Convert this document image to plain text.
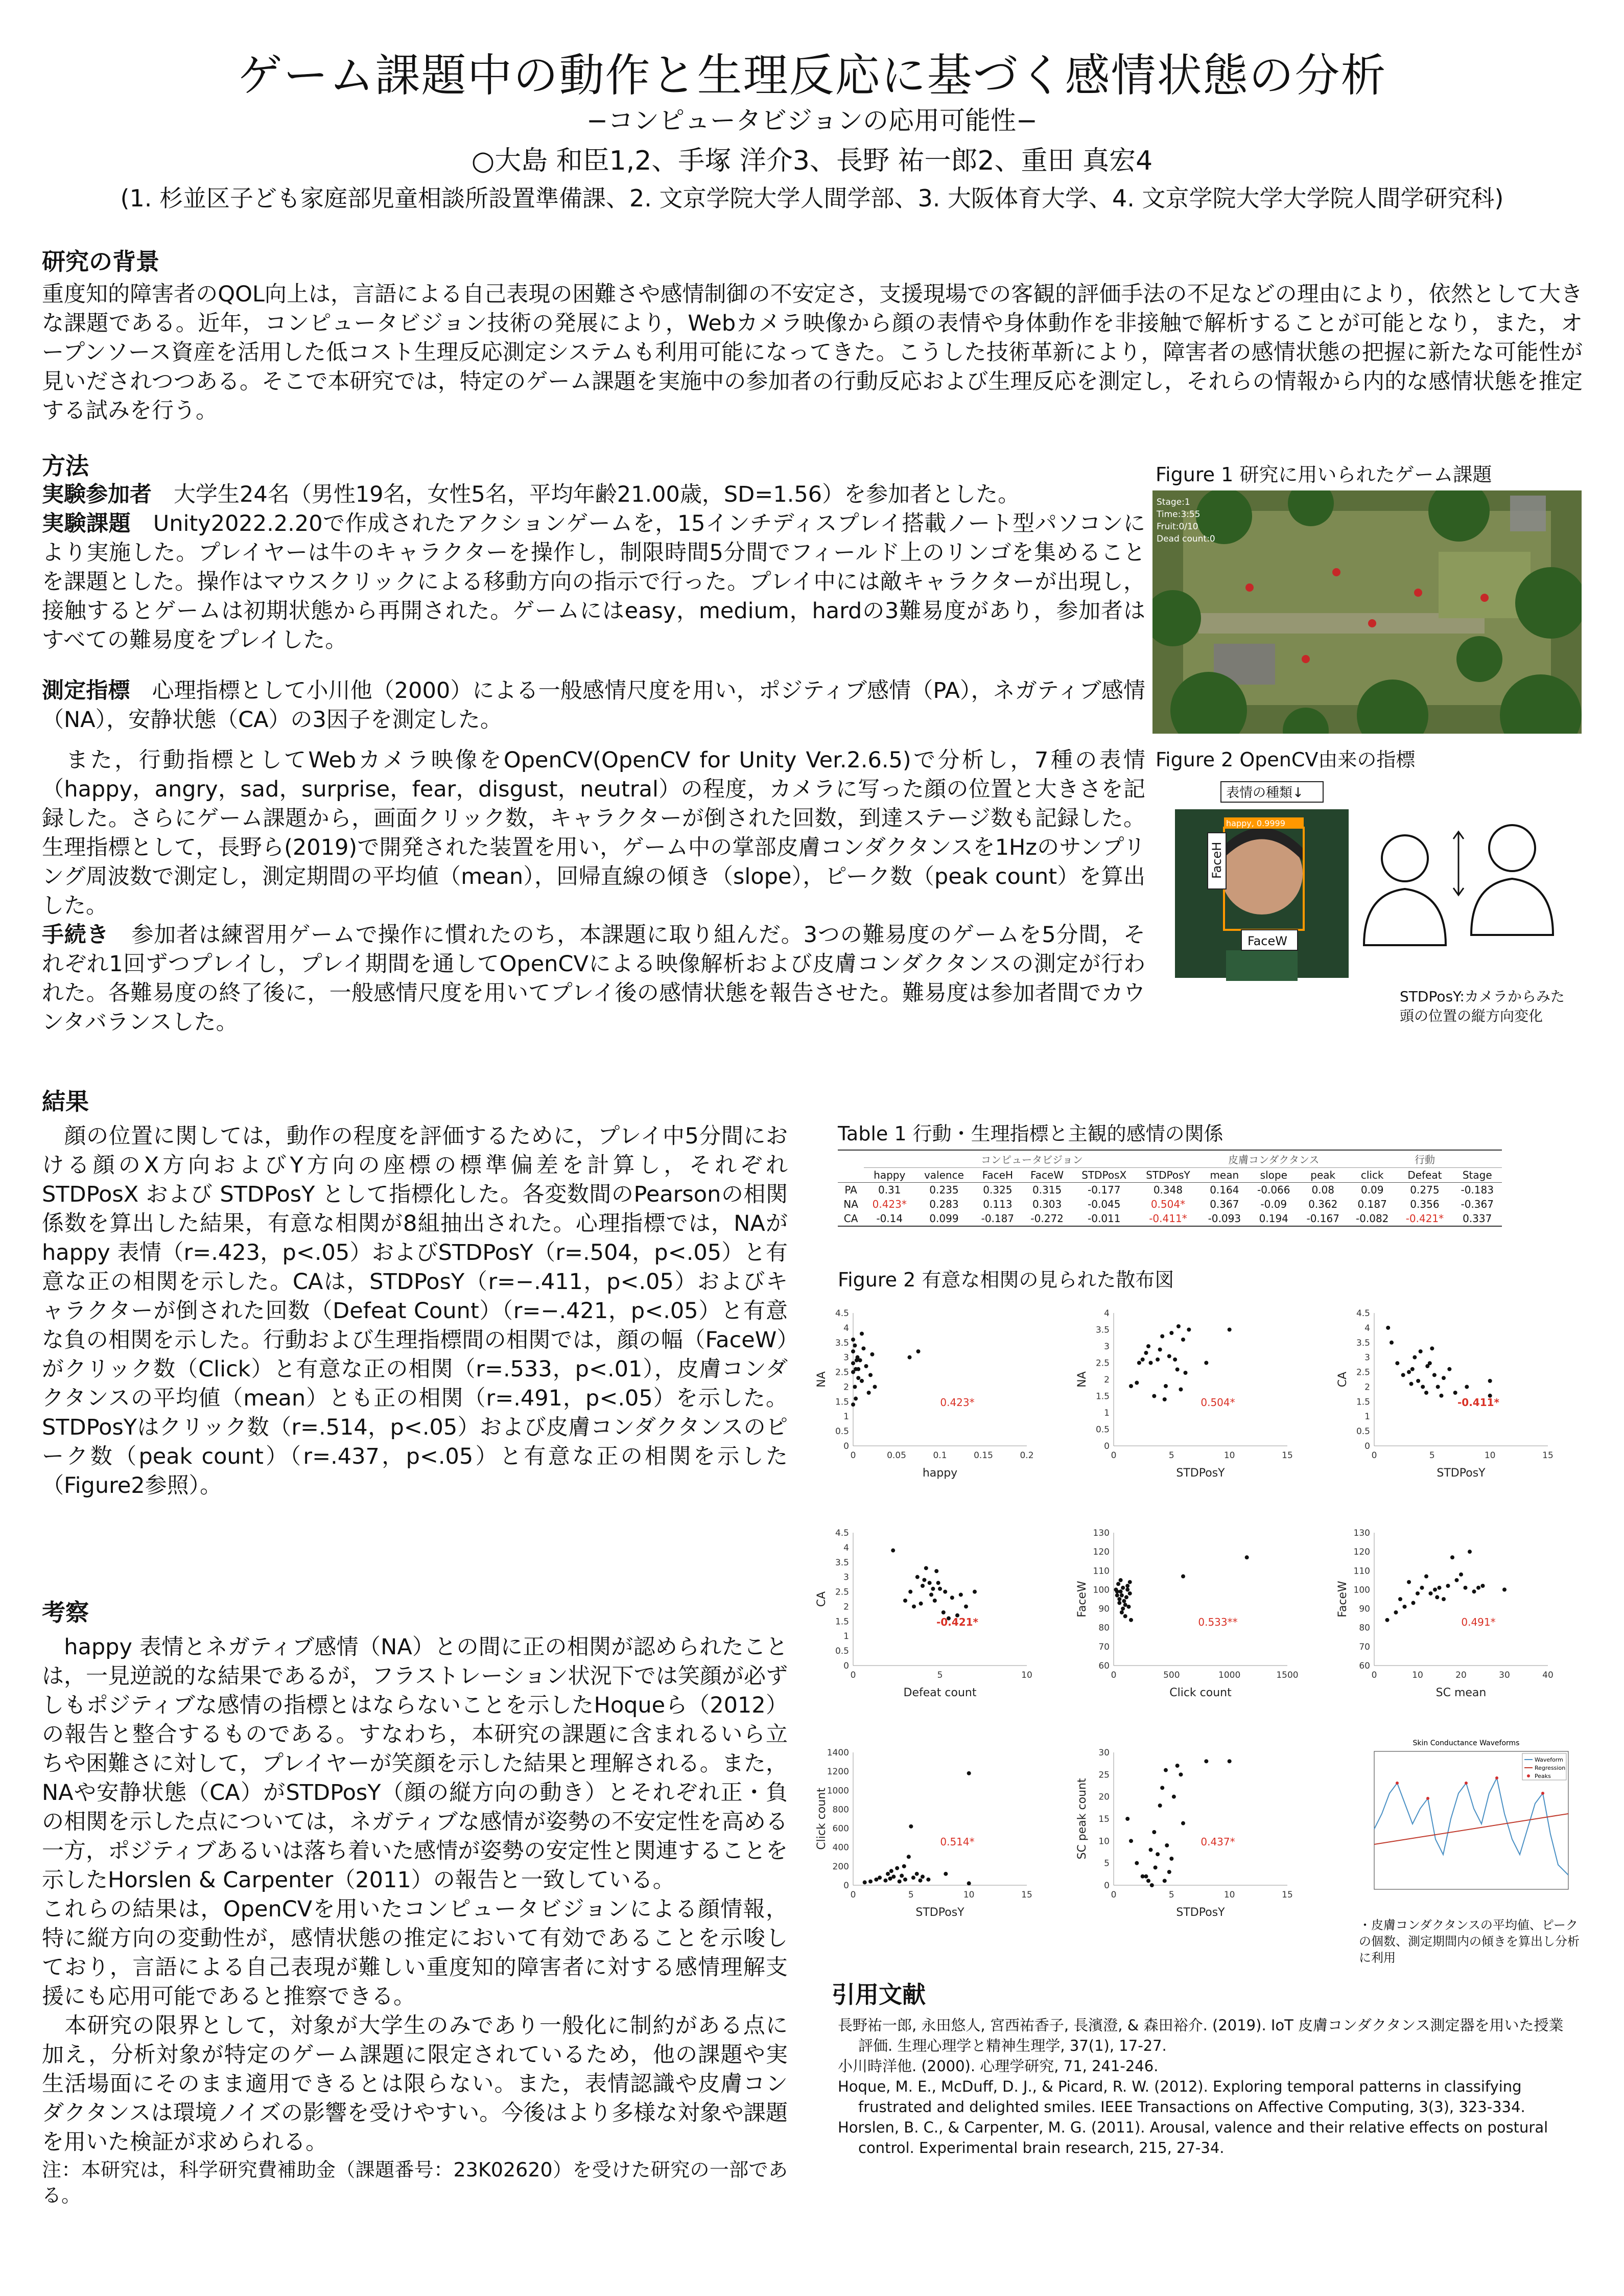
ゲーム課題中の動作と生理反応に基づく感情状態の分析
−コンピュータビジョンの応用可能性−
○大島 和臣1,2、手塚 洋介3、長野 祐一郎2、重田 真宏4
(1. 杉並区子ども家庭部児童相談所設置準備課、2. 文京学院大学人間学部、3. 大阪体育大学、4. 文京学院大学大学院人間学研究科)
研究の背景
重度知的障害者のQOL向上は，言語による自己表現の困難さや感情制御の不安定さ，支援現場での客観的評価手法の不足などの理由により，依然として大きな課題である。近年，コンピュータビジョン技術の発展により，Webカメラ映像から顔の表情や身体動作を非接触で解析することが可能となり，また，オープンソース資産を活用した低コスト生理反応測定システムも利用可能になってきた。こうした技術革新により，障害者の感情状態の把握に新たな可能性が見いだされつつある。そこで本研究では，特定のゲーム課題を実施中の参加者の行動反応および生理反応を測定し，それらの情報から内的な感情状態を推定する試みを行う。
方法

実験参加者　 大学生24名（男性19名，女性5名，平均年齢21.00歳，SD=1.56）を参加者とした。

実験課題　 Unity2022.2.20で作成されたアクションゲームを，15インチディスプレイ搭載ノート型パソコンにより実施した。プレイヤーは牛のキャラクターを操作し，制限時間5分間でフィールド上のリンゴを集めることを課題とした。操作はマウスクリックによる移動方向の指示で行った。プレイ中には敵キャラクターが出現し，接触するとゲームは初期状態から再開された。ゲームにはeasy，medium，hardの3難易度があり，参加者はすべての難易度をプレイした。

測定指標　 心理指標として小川他（2000）による一般感情尺度を用い，ポジティブ感情（PA），ネガティブ感情（NA），安静状態（CA）の3因子を測定した。

　また，行動指標としてWebカメラ映像をOpenCV(OpenCV for Unity Ver.2.6.5)で分析し，7種の表情（happy，angry，sad，surprise，fear，disgust，neutral）の程度，カメラに写った顔の位置と大きさを記録した。さらにゲーム課題から，画面クリック数，キャラクターが倒された回数，到達ステージ数も記録した。生理指標として，長野ら(2019)で開発された装置を用い，ゲーム中の掌部皮膚コンダクタンスを1Hzのサンプリング周波数で測定し，測定期間の平均値（mean），回帰直線の傾き（slope），ピーク数（peak count）を算出した。

手続き　 参加者は練習用ゲームで操作に慣れたのち，本課題に取り組んだ。3つの難易度のゲームを5分間，それぞれ1回ずつプレイし，プレイ期間を通してOpenCVによる映像解析および皮膚コンダクタンスの測定が行われた。各難易度の終了後に，一般感情尺度を用いてプレイ後の感情状態を報告させた。難易度は参加者間でカウンタバランスした。

Figure 1 研究に用いられたゲーム課題
Stage:1
Time:3:55
Fruit:0/10
Dead count:0
Figure 2 OpenCV由来の指標
happy, 0.9999
表情の種類↓
FaceH
FaceW
STDPosY:カメラからみた頭の位置の縦方向変化
結果

　顔の位置に関しては，動作の程度を評価するために，プレイ中5分間における顔のX方向およびY方向の座標の標準偏差を計算し，それぞれ STDPosX および STDPosY として指標化した。各変数間のPearsonの相関係数を算出した結果，有意な相関が8組抽出された。心理指標では，NAが happy 表情（r=.423，p<.05）およびSTDPosY（r=.504，p<.05）と有意な正の相関を示した。CAは，STDPosY（r=−.411，p<.05）およびキャラクターが倒された回数（Defeat Count）（r=−.421，p<.05）と有意な負の相関を示した。行動および生理指標間の相関では，顔の幅（FaceW）がクリック数（Click）と有意な正の相関（r=.533，p<.01），皮膚コンダクタンスの平均値（mean）とも正の相関（r=.491，p<.05）を示した。STDPosYはクリック数（r=.514，p<.05）および皮膚コンダクタンスのピーク数（peak count）（r=.437，p<.05）と有意な正の相関を示した（Figure2参照）。

考察

　happy 表情とネガティブ感情（NA）との間に正の相関が認められたことは，一見逆説的な結果であるが，フラストレーション状況下では笑顔が必ずしもポジティブな感情の指標とはならないことを示したHoqueら（2012）の報告と整合するものである。すなわち，本研究の課題に含まれるいら立ちや困難さに対して，プレイヤーが笑顔を示した結果と理解される。また，NAや安静状態（CA）がSTDPosY（顔の縦方向の動き）とそれぞれ正・負の相関を示した点については，ネガティブな感情が姿勢の不安定性を高める一方，ポジティブあるいは落ち着いた感情が姿勢の安定性と関連することを示したHorslen & Carpenter（2011）の報告と一致している。

これらの結果は，OpenCVを用いたコンピュータビジョンによる顔情報，特に縦方向の変動性が，感情状態の推定において有効であることを示唆しており，言語による自己表現が難しい重度知的障害者に対する感情理解支援にも応用可能であると推察できる。

　本研究の限界として，対象が大学生のみであり一般化に制約がある点に加え，分析対象が特定のゲーム課題に限定されているため，他の課題や実生活場面にそのまま適用できるとは限らない。また，表情認識や皮膚コンダクタンスは環境ノイズの影響を受けやすい。今後はより多様な対象や課題を用いた検証が求められる。

注：本研究は，科学研究費補助金（課題番号：23K02620）を受けた研究の一部である。

Table 1 行動・生理指標と主観的感情の関係
	コンピュータビジョン						皮膚コンダクタンス			行動		
	happy	valence	FaceH	FaceW	STDPosX	STDPosY	mean	slope	peak	click	Defeat	Stage
PA	0.31	0.235	0.325	0.315	-0.177	0.348	0.164	-0.066	0.08	0.09	0.275	-0.183
NA	0.423*	0.283	0.113	0.303	-0.045	0.504*	0.367	-0.09	0.362	0.187	0.356	-0.367
CA	-0.14	0.099	-0.187	-0.272	-0.011	-0.411*	-0.093	0.194	-0.167	-0.082	-0.421*	0.337
Figure 2 有意な相関の見られた散布図
Skin Conductance Waveforms
Waveform
Regression
Peaks
0
0.5
1
1.5
2
2.5
3
3.5
4
4.5
0	0.05	0.1	0.15	0.2
happy
NA
0.423*
0
0.5
1
1.5
2
2.5
3
3.5
4
0	5	10	15
STDPosY
NA
0.504*
0
0.5
1
1.5
2
2.5
3
3.5
4
4.5
0	5	10	15
STDPosY
CA
-0.411*
0
0.5
1
1.5
2
2.5
3
3.5
4
4.5
0	5	10
Defeat count
CA
-0.421*
60
70
80
90
100
110
120
130
0	500	1000	1500
Click count
FaceW
0.533**
60
70
80
90
100
110
120
130
0	10	20	30	40
SC mean
FaceW
0.491*
0
200
400
600
800
1000
1200
1400
0	5	10	15
STDPosY
Click count	0.514*
0
5
10
15
20
25
30
0	5	10	15
STDPosY
SC peak count	0.437*
・皮膚コンダクタンスの平均値、ピークの個数、測定期間内の傾きを算出し分析に利用
引用文献
長野祐一郎, 永田悠人, 宮西祐香子, 長濱澄, & 森田裕介. (2019). IoT 皮膚コンダクタンス測定器を用いた授業評価. 生理心理学と精神生理学, 37(1), 17-27.
小川時洋他. (2000). 心理学研究, 71, 241-246.
Hoque, M. E., McDuff, D. J., & Picard, R. W. (2012). Exploring temporal patterns in classifying frustrated and delighted smiles. IEEE Transactions on Affective Computing, 3(3), 323-334.
Horslen, B. C., & Carpenter, M. G. (2011). Arousal, valence and their relative effects on postural control. Experimental brain research, 215, 27-34.
